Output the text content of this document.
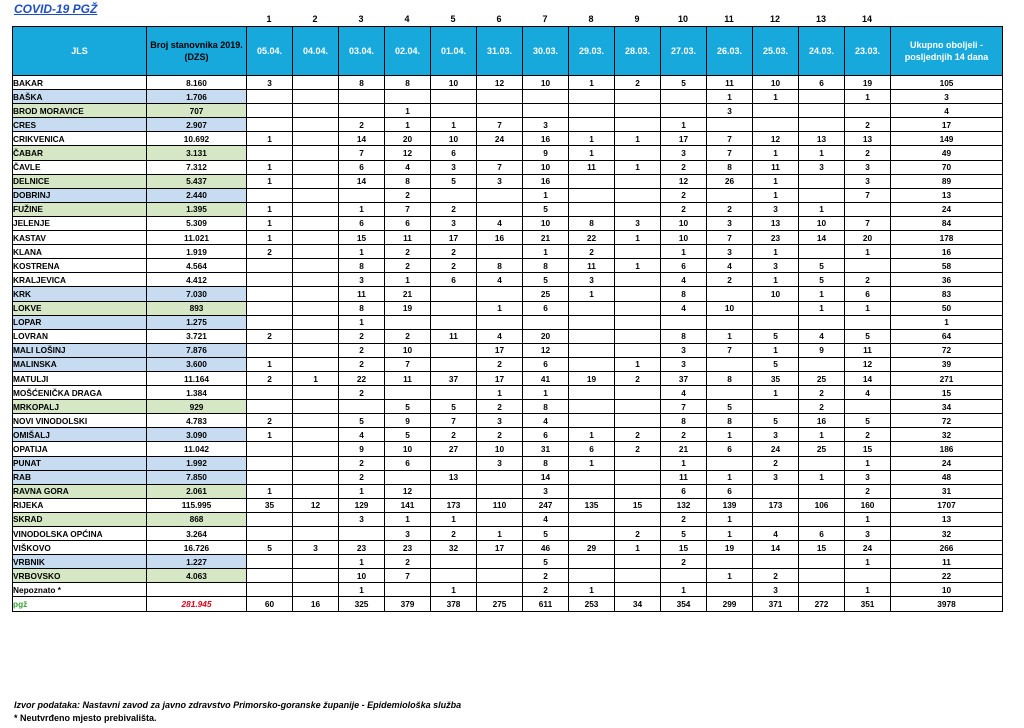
COVID-19 PGŽ
1	2	3	4	5	6	7	8	9	10	11	12	13	14
JLS	Broj stanovnika 2019. (DZS)	05.04.	04.04.	03.04.	02.04.	01.04.	31.03.	30.03.	29.03.	28.03.	27.03.	26.03.	25.03.	24.03.	23.03.	Ukupno oboljeli - posljednjih 14 dana
BAKAR	8.160	3		8	8	10	12	10	1	2	5	11	10	6	19	105
BAŠKA	1.706											1	1		1	3
BROD MORAVICE	707				1							3				4
CRES	2.907			2	1	1	7	3			1				2	17
CRIKVENICA	10.692	1		14	20	10	24	16	1	1	17	7	12	13	13	149
ČABAR	3.131			7	12	6		9	1		3	7	1	1	2	49
ČAVLE	7.312	1		6	4	3	7	10	11	1	2	8	11	3	3	70
DELNICE	5.437	1		14	8	5	3	16			12	26	1		3	89
DOBRINJ	2.440				2			1			2		1		7	13
FUŽINE	1.395	1		1	7	2		5			2	2	3	1		24
JELENJE	5.309	1		6	6	3	4	10	8	3	10	3	13	10	7	84
KASTAV	11.021	1		15	11	17	16	21	22	1	10	7	23	14	20	178
KLANA	1.919	2		1	2	2		1	2		1	3	1		1	16
KOSTRENA	4.564			8	2	2	8	8	11	1	6	4	3	5		58
KRALJEVICA	4.412			3	1	6	4	5	3		4	2	1	5	2	36
KRK	7.030			11	21			25	1		8		10	1	6	83
LOKVE	893			8	19		1	6			4	10		1	1	50
LOPAR	1.275			1												1
LOVRAN	3.721	2		2	2	11	4	20			8	1	5	4	5	64
MALI LOŠINJ	7.876			2	10		17	12			3	7	1	9	11	72
MALINSKA	3.600	1		2	7		2	6		1	3		5		12	39
MATULJI	11.164	2	1	22	11	37	17	41	19	2	37	8	35	25	14	271
MOŠĆENIČKA DRAGA	1.384			2			1	1			4		1	2	4	15
MRKOPALJ	929				5	5	2	8			7	5		2		34
NOVI VINODOLSKI	4.783	2		5	9	7	3	4			8	8	5	16	5	72
OMIŠALJ	3.090	1		4	5	2	2	6	1	2	2	1	3	1	2	32
OPATIJA	11.042			9	10	27	10	31	6	2	21	6	24	25	15	186
PUNAT	1.992			2	6		3	8	1		1		2		1	24
RAB	7.850			2		13		14			11	1	3	1	3	48
RAVNA GORA	2.061	1		1	12			3			6	6			2	31
RIJEKA	115.995	35	12	129	141	173	110	247	135	15	132	139	173	106	160	1707
SKRAD	868			3	1	1		4			2	1			1	13
VINODOLSKA OPĆINA	3.264				3	2	1	5		2	5	1	4	6	3	32
VIŠKOVO	16.726	5	3	23	23	32	17	46	29	1	15	19	14	15	24	266
VRBNIK	1.227			1	2			5			2				1	11
VRBOVSKO	4.063			10	7			2				1	2			22
Nepoznato *				1		1		2	1		1		3		1	10
pgž	281.945	60	16	325	379	378	275	611	253	34	354	299	371	272	351	3978
Izvor podataka: Nastavni zavod za javno zdravstvo Primorsko-goranske županije - Epidemiološka služba
* Neutvrđeno mjesto prebivališta.
